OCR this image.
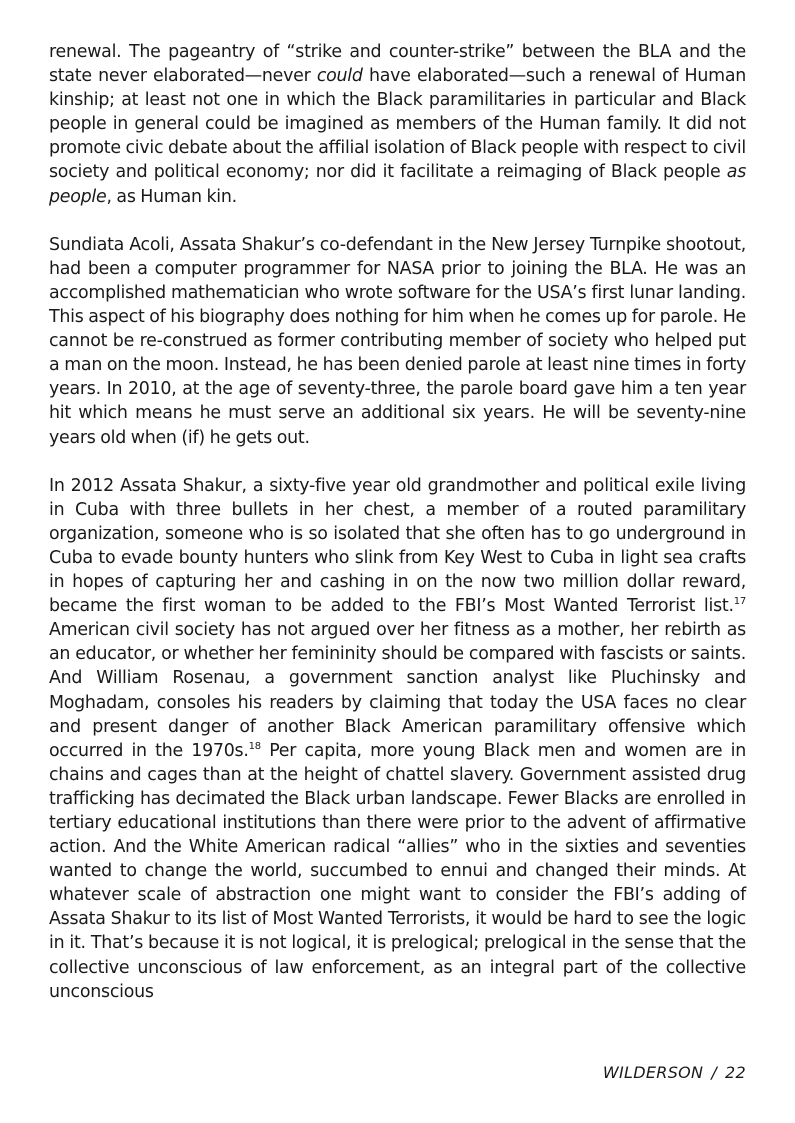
renewal. The pageantry of “strike and counter-strike” between the BLA and the state never elaborated—never could have elaborated—such a renewal of Human kinship; at least not one in which the Black paramilitaries in particular and Black people in general could be imagined as members of the Human family. It did not promote civic debate about the affilial isolation of Black people with respect to civil society and political economy; nor did it facilitate a reimaging of Black people as people, as Human kin.

Sundiata Acoli, Assata Shakur’s co-defendant in the New Jersey Turnpike shootout, had been a computer programmer for NASA prior to joining the BLA. He was an accomplished mathematician who wrote software for the USA’s first lunar landing. This aspect of his biography does nothing for him when he comes up for parole. He cannot be re-construed as former contributing member of society who helped put a man on the moon. Instead, he has been denied parole at least nine times in forty years. In 2010, at the age of seventy-three, the parole board gave him a ten year hit which means he must serve an additional six years. He will be seventy-nine years old when (if) he gets out.

In 2012 Assata Shakur, a sixty-five year old grandmother and political exile living in Cuba with three bullets in her chest, a member of a routed paramilitary organization, someone who is so isolated that she often has to go underground in Cuba to evade bounty hunters who slink from Key West to Cuba in light sea crafts in hopes of capturing her and cashing in on the now two million dollar reward, became the first woman to be added to the FBI’s Most Wanted Terrorist list.$^{17}$ American civil society has not argued over her fitness as a mother, her rebirth as an educator, or whether her femininity should be compared with fascists or saints. And William Rosenau, a government sanction analyst like Pluchinsky and Moghadam, consoles his readers by claiming that today the USA faces no clear and present danger of another Black American paramilitary offensive which occurred in the 1970s.$^{18}$ Per capita, more young Black men and women are in chains and cages than at the height of chattel slavery. Government assisted drug trafficking has decimated the Black urban landscape. Fewer Blacks are enrolled in tertiary educational institutions than there were prior to the advent of affirmative action. And the White American radical “allies” who in the sixties and seventies wanted to change the world, succumbed to ennui and changed their minds. At whatever scale of abstraction one might want to consider the FBI’s adding of Assata Shakur to its list of Most Wanted Terrorists, it would be hard to see the logic in it. That’s because it is not logical, it is prelogical; prelogical in the sense that the collective unconscious of law enforcement, as an integral part of the collective unconscious

WILDERSON / 22
